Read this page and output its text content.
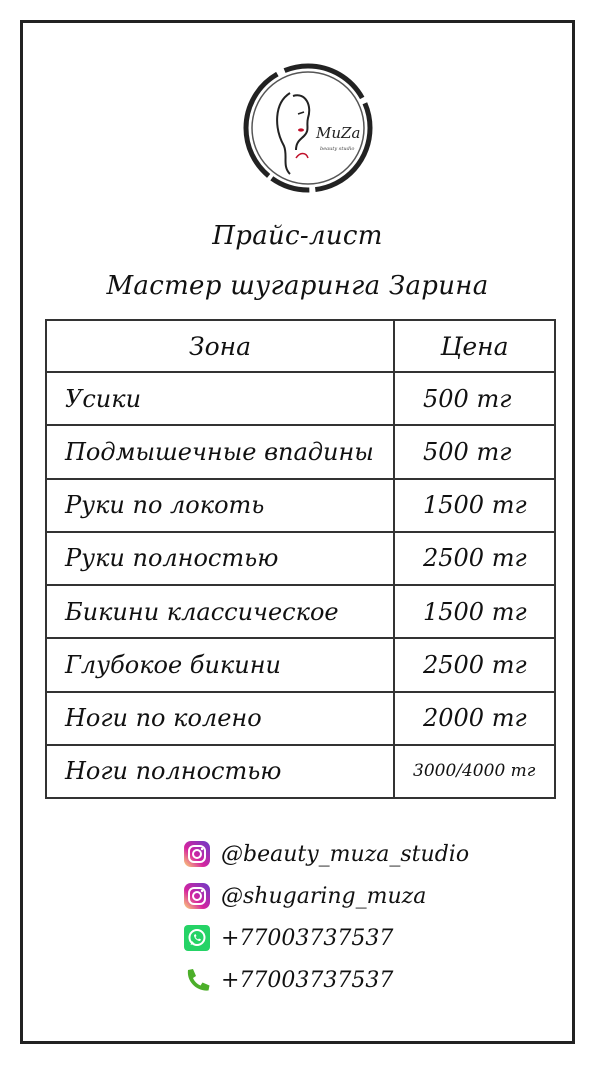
MuZa
beauty studio
Прайс-лист
Мастер шугаринга Зарина
Зона	Цена
Усики	500 тг
Подмышечные впадины	500 тг
Руки по локоть	1500 тг
Руки полностью	2500 тг
Бикини классическое	1500 тг
Глубокое бикини	2500 тг
Ноги по колено	2000 тг
Ноги полностью	3000/4000 тг
@beauty_muza_studio
@shugaring_muza
+77003737537
+77003737537
